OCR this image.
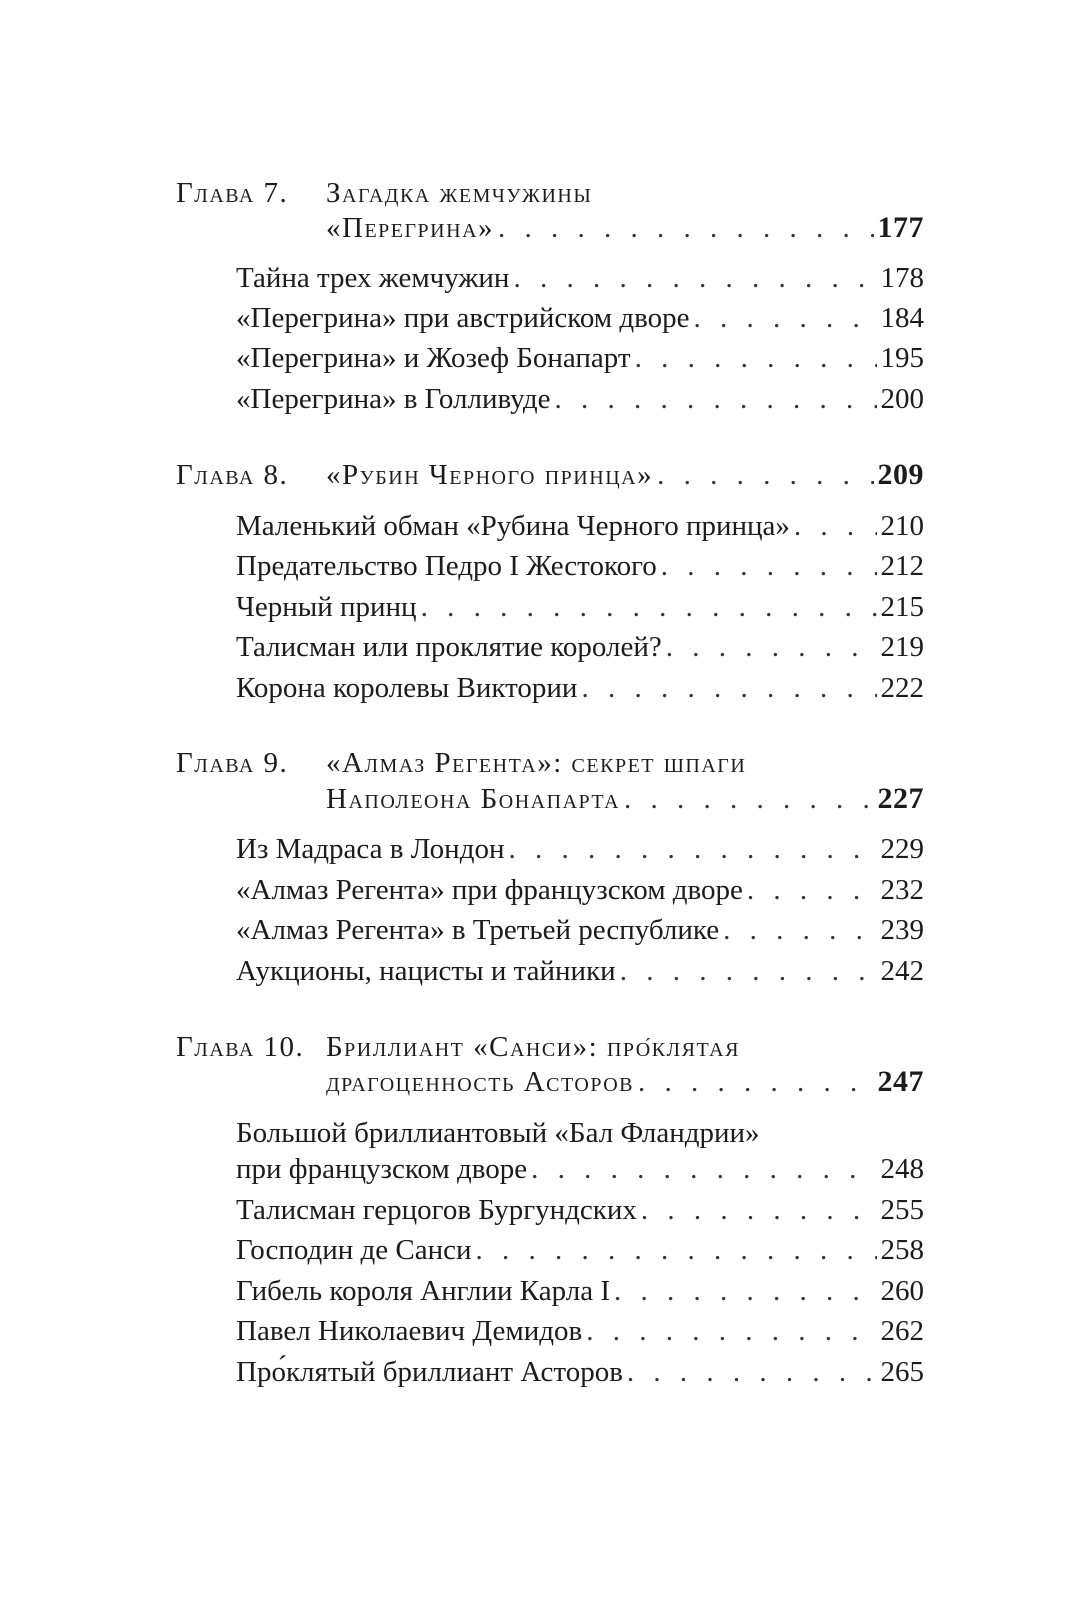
Глава 7.	Загадка жемчужины
«Перегрина» . . .	177
Тайна трех жемчужин . . .	178
«Перегрина» при австрийском дворе . . .	184
«Перегрина» и Жозеф Бонапарт . . .	195
«Перегрина» в Голливуде . . .	200
Глава 8.	«Рубин Черного принца» . . .	209
Маленький обман «Рубина Черного принца» . . .	210
Предательство Педро I Жестокого . . .	212
Черный принц . . .	215
Талисман или проклятие королей? . . .	219
Корона королевы Виктории . . .	222
Глава 9.	«Алмаз Регента»: секрет шпаги
Наполеона Бонапарта . . .	227
Из Мадраса в Лондон . . .	229
«Алмаз Регента» при французском дворе . . .	232
«Алмаз Регента» в Третьей республике . . .	239
Аукционы, нацисты и тайники . . .	242
Глава 10. Бриллиант «Санси»: про́клятая
драгоценность Асторов . . .	247
Большой бриллиантовый «Бал Фландрии»
при французском дворе . . .	248
Талисман герцогов Бургундских . . .	255
Господин де Санси . . .	258
Гибель короля Англии Карла I . . .	260
Павел Николаевич Демидов . . .	262
Про́клятый бриллиант Асторов . . .	265
